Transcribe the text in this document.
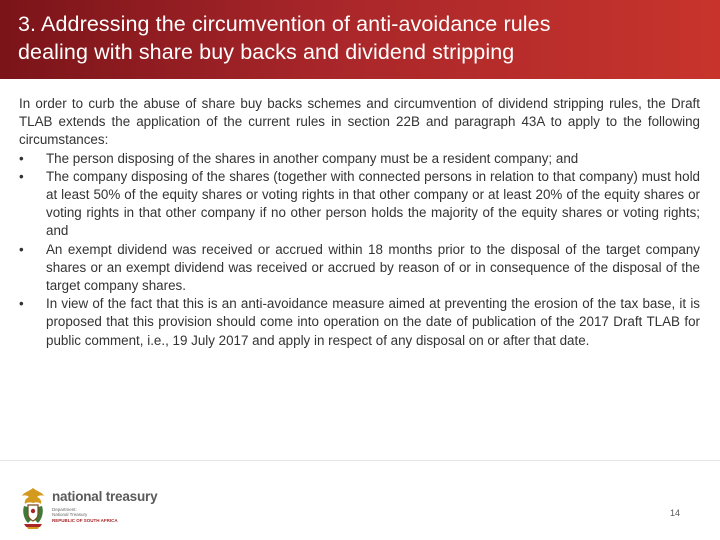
3. Addressing the circumvention of anti-avoidance rules
dealing with share buy backs and dividend stripping

In order to curb the abuse of share buy backs schemes and circumvention of dividend stripping rules, the Draft TLAB extends the application of the current rules in section 22B and paragraph 43A to apply to the following circumstances:

• The person disposing of the shares in another company must be a resident company; and
• The company disposing of the shares (together with connected persons in relation to that company) must hold at least 50% of the equity shares or voting rights in that other company or at least 20% of the equity shares or voting rights in that other company if no other person holds the majority of the equity shares or voting rights; and
• An exempt dividend was received or accrued within 18 months prior to the disposal of the target company shares or an exempt dividend was received or accrued by reason of or in consequence of the disposal of the target company shares.
• In view of the fact that this is an anti-avoidance measure aimed at preventing the erosion of the tax base, it is proposed that this provision should come into operation on the date of publication of the 2017 Draft TLAB for public comment, i.e., 19 July 2017 and apply in respect of any disposal on or after that date.
national treasury
Department:
National Treasury
REPUBLIC OF SOUTH AFRICA
14
